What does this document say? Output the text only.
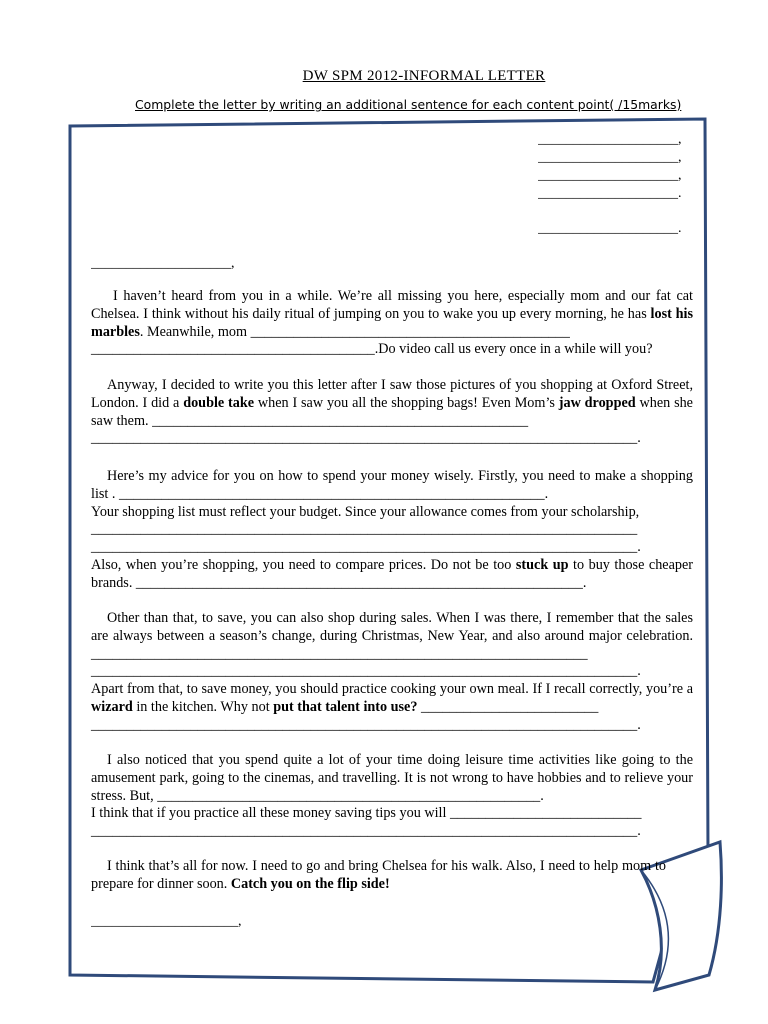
DW SPM 2012-INFORMAL LETTER
Complete the letter by writing an additional sentence for each content point( /15marks)
____________________,
____________________,
____________________,
____________________.
____________________.
____________________,

I haven’t heard from you in a while. We’re all missing you here, especially mom and our fat cat Chelsea. I think without his daily ritual of jumping on you to wake you up every morning, he has lost his marbles. Meanwhile, mom _____________________________________________

________________________________________.Do video call us every once in a while will you?

Anyway, I decided to write you this letter after I saw those pictures of you shopping at Oxford Street, London. I did a double take when I saw you all the shopping bags! Even Mom’s jaw dropped when she saw them. _____________________________________________________

_____________________________________________________________________________.

Here’s my advice for you on how to spend your money wisely. Firstly, you need to make a shopping list . ____________________________________________________________.

Your shopping list must reflect your budget. Since your allowance comes from your scholarship,

_____________________________________________________________________________

_____________________________________________________________________________.

Also, when you’re shopping, you need to compare prices. Do not be too stuck up to buy those cheaper brands. _______________________________________________________________.

Other than that, to save, you can also shop during sales. When I was there, I remember that the sales are always between a season’s change, during Christmas, New Year, and also around major celebration. ______________________________________________________________________

_____________________________________________________________________________.

Apart from that, to save money, you should practice cooking your own meal. If I recall correctly, you’re a wizard in the kitchen. Why not put that talent into use? _________________________

_____________________________________________________________________________.

I also noticed that you spend quite a lot of your time doing leisure time activities like going to the amusement park, going to the cinemas, and travelling. It is not wrong to have hobbies and to relieve your stress. But, ______________________________________________________.

I think that if you practice all these money saving tips you will ___________________________

_____________________________________________________________________________.

I think that’s all for now. I need to go and bring Chelsea for his walk. Also, I need to help mom to prepare for dinner soon. Catch you on the flip side!

_____________________,
